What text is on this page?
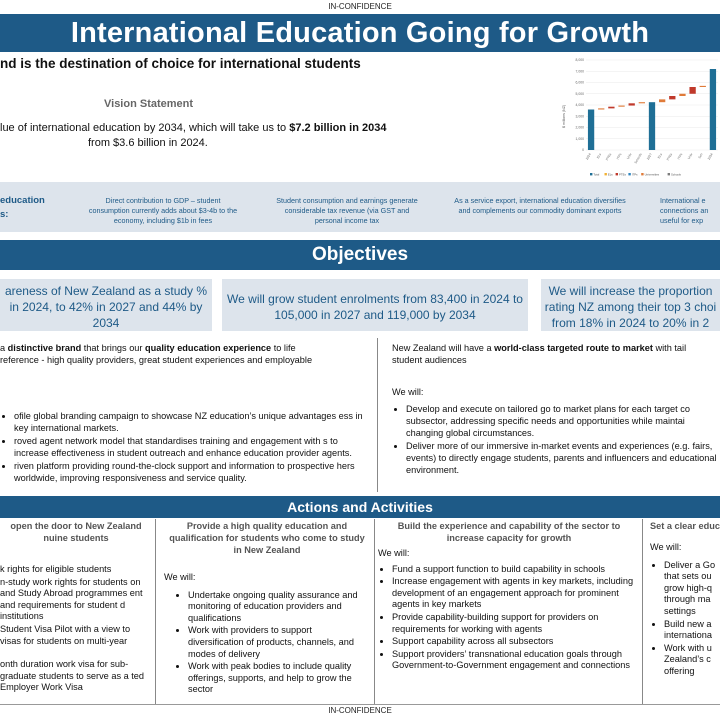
IN-CONFIDENCE
International Education Going for Growth
nd is the destination of choice for international students
Vision Statement
lue of international education by 2034, which will take us to $7.2 billion in 2034
from $3.6 billion in 2024.
8,000
7,000
6,000
5,000
4,000
3,000
2,000
1,000
0
2024 ELs PTEs ITPs Univ Schools 2027 ELs PTEs ITPs Univ Sch 2034
Total	ELs PTEs ITPs	Universities	Schools
$ millions (NZ)
education
s:
Direct contribution to GDP – student consumption currently adds about $3-4b to the economy, including $1b in fees
Student consumption and earnings generate considerable tax revenue (via GST and personal income tax
As a service export, international education diversifies and complements our commodity dominant exports
International e connections an useful for exp
Objectives
areness of New Zealand as a study % in 2024, to 42% in 2027 and 44% by 2034
We will grow student enrolments from 83,400 in 2024 to 105,000 in 2027 and 119,000 by 2034
We will increase the proportion rating NZ among their top 3 choi from 18% in 2024 to 20% in 2
a distinctive brand that brings our quality education experience to life
reference - high quality providers, great student experiences and employable
• ofile global branding campaign to showcase NZ education’s unique advantages ess in key international markets.
• roved agent network model that standardises training and engagement with s to increase effectiveness in student outreach and enhance education provider agents.
• riven platform providing round-the-clock support and information to prospective hers worldwide, improving responsiveness and service quality.
New Zealand will have a world-class targeted route to market with tail
student audiences
We will:
• Develop and execute on tailored go to market plans for each target co subsector, addressing specific needs and opportunities while maintai changing global circumstances.
• Deliver more of our immersive in-market events and experiences (e.g. fairs, events) to directly engage students, parents and influencers and educational environment.
Actions and Activities
open the door to New Zealand nuine students
k rights for eligible students
n-study work rights for students on and Study Abroad programmes ent and requirements for student d institutions
Student Visa Pilot with a view to visas for students on multi-year
onth duration work visa for sub- graduate students to serve as a ted Employer Work Visa
Provide a high quality education and qualification for students who come to study in New Zealand
We will:
• Undertake ongoing quality assurance and monitoring of education providers and qualifications
• Work with providers to support diversification of products, channels, and modes of delivery
• Work with peak bodies to include quality offerings, supports, and help to grow the sector
Build the experience and capability of the sector to increase capacity for growth
We will:
• Fund a support function to build capability in schools
• Increase engagement with agents in key markets, including development of an engagement approach for prominent agents in key markets
• Provide capability-building support for providers on requirements for working with agents
• Support capability across all subsectors
• Support providers’ transnational education goals through Government-to-Government engagement and connections
Set a clear educ
We will:
• Deliver a Go that sets ou grow high-q through ma settings
• Build new a internationa
• Work with u Zealand’s c offering
IN-CONFIDENCE
